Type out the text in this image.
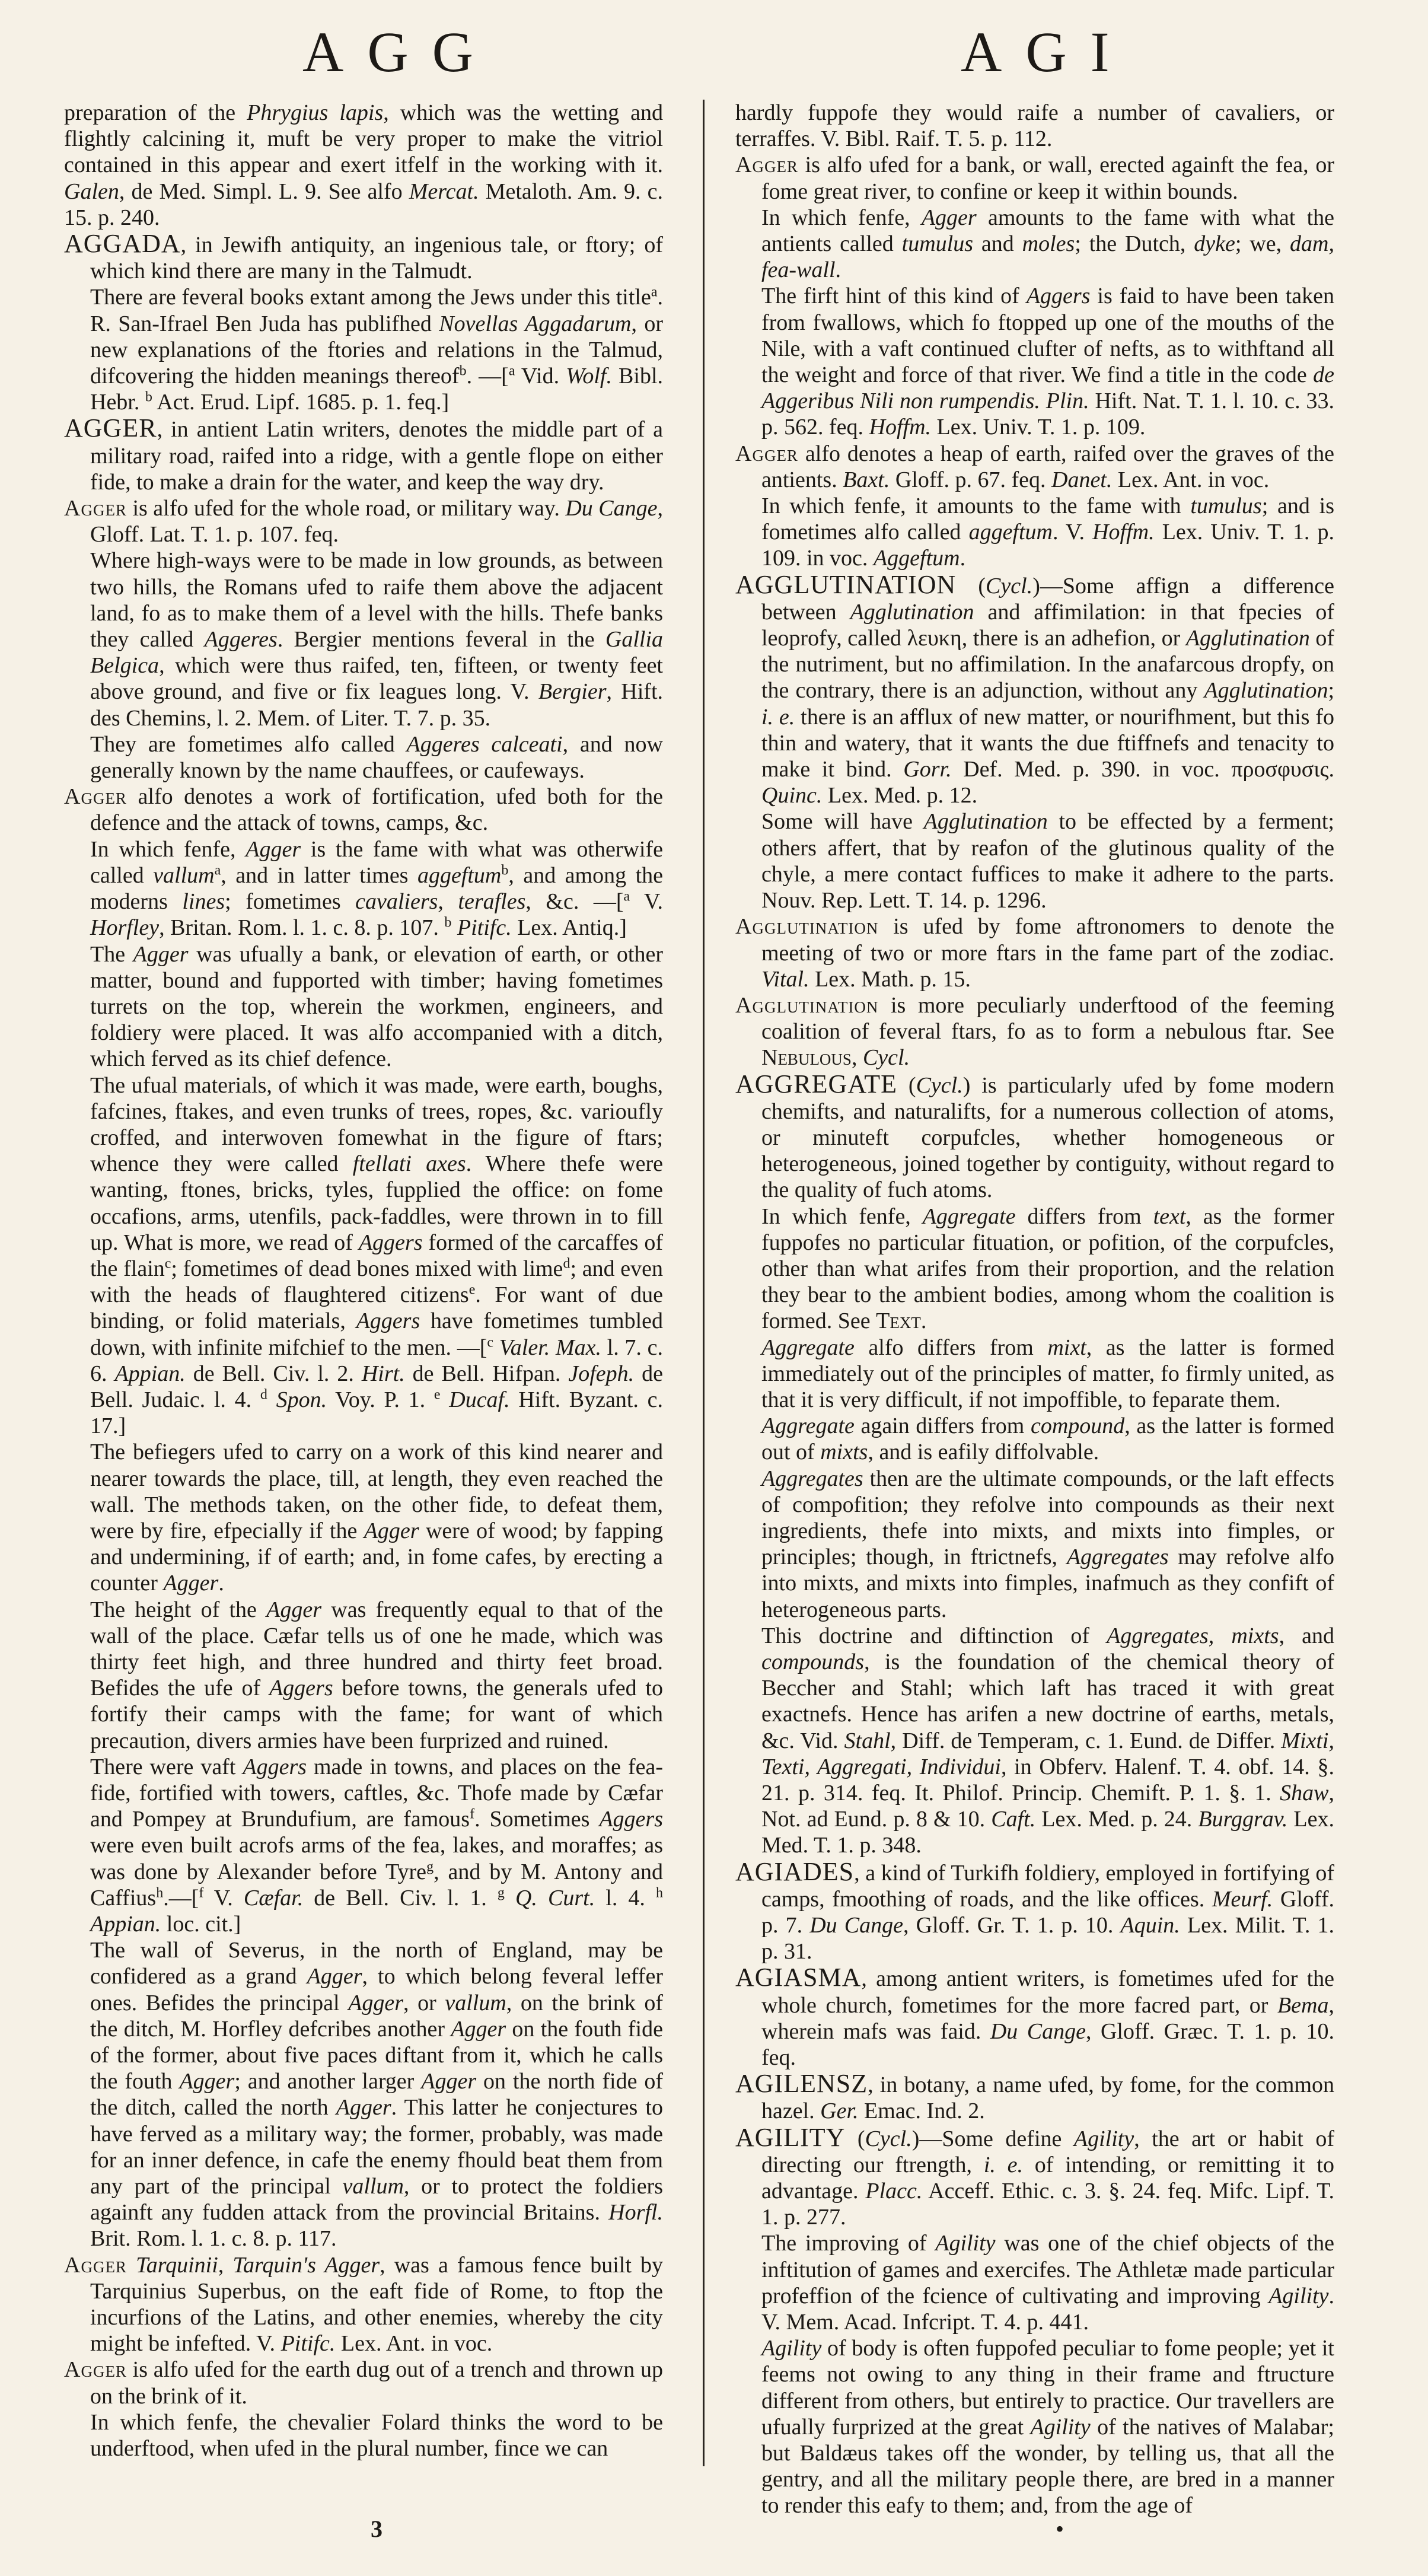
AGG	AGI
preparation of the Phrygius lapis, which was the wetting and flightly calcining it, muft be very proper to make the vitriol contained in this appear and exert itfelf in the working with it. Galen, de Med. Simpl. L. 9. See alfo Mercat. Metaloth. Am. 9. c. 15. p. 240.
AGGADA, in Jewifh antiquity, an ingenious tale, or ftory; of which kind there are many in the Talmudt.
There are feveral books extant among the Jews under this title$^a$. R. San-Ifrael Ben Juda has publifhed Novellas Aggadarum, or new explanations of the ftories and relations in the Talmud, difcovering the hidden meanings thereof$^b$. —[$^a$ Vid. Wolf. Bibl. Hebr. $^b$ Act. Erud. Lipf. 1685. p. 1. feq.]
AGGER, in antient Latin writers, denotes the middle part of a military road, raifed into a ridge, with a gentle flope on either fide, to make a drain for the water, and keep the way dry.
Agger is alfo ufed for the whole road, or military way. Du Cange, Gloff. Lat. T. 1. p. 107. feq.
Where high-ways were to be made in low grounds, as between two hills, the Romans ufed to raife them above the adjacent land, fo as to make them of a level with the hills. Thefe banks they called Aggeres. Bergier mentions feveral in the Gallia Belgica, which were thus raifed, ten, fifteen, or twenty feet above ground, and five or fix leagues long. V. Bergier, Hift. des Chemins, l. 2. Mem. of Liter. T. 7. p. 35.
They are fometimes alfo called Aggeres calceati, and now generally known by the name chauffees, or caufeways.
Agger alfo denotes a work of fortification, ufed both for the defence and the attack of towns, camps, &c.
In which fenfe, Agger is the fame with what was otherwife called vallum$^a$, and in latter times aggeftum$^b$, and among the moderns lines; fometimes cavaliers, terafles, &c. —[$^a$ V. Horfley, Britan. Rom. l. 1. c. 8. p. 107. $^b$ Pitifc. Lex. Antiq.]
The Agger was ufually a bank, or elevation of earth, or other matter, bound and fupported with timber; having fometimes turrets on the top, wherein the workmen, engineers, and foldiery were placed. It was alfo accompanied with a ditch, which ferved as its chief defence.
The ufual materials, of which it was made, were earth, boughs, fafcines, ftakes, and even trunks of trees, ropes, &c. varioufly croffed, and interwoven fomewhat in the figure of ftars; whence they were called ftellati axes. Where thefe were wanting, ftones, bricks, tyles, fupplied the office: on fome occafions, arms, utenfils, pack-faddles, were thrown in to fill up. What is more, we read of Aggers formed of the carcaffes of the flain$^c$; fometimes of dead bones mixed with lime$^d$; and even with the heads of flaughtered citizens$^e$. For want of due binding, or folid materials, Aggers have fometimes tumbled down, with infinite mifchief to the men. —[$^c$ Valer. Max. l. 7. c. 6. Appian. de Bell. Civ. l. 2. Hirt. de Bell. Hifpan. Jofeph. de Bell. Judaic. l. 4. $^d$ Spon. Voy. P. 1. $^e$ Ducaf. Hift. Byzant. c. 17.]
The befiegers ufed to carry on a work of this kind nearer and nearer towards the place, till, at length, they even reached the wall. The methods taken, on the other fide, to defeat them, were by fire, efpecially if the Agger were of wood; by fapping and undermining, if of earth; and, in fome cafes, by erecting a counter Agger.
The height of the Agger was frequently equal to that of the wall of the place. Cæfar tells us of one he made, which was thirty feet high, and three hundred and thirty feet broad. Befides the ufe of Aggers before towns, the generals ufed to fortify their camps with the fame; for want of which precaution, divers armies have been furprized and ruined.
There were vaft Aggers made in towns, and places on the fea-fide, fortified with towers, caftles, &c. Thofe made by Cæfar and Pompey at Brundufium, are famous$^f$. Sometimes Aggers were even built acrofs arms of the fea, lakes, and moraffes; as was done by Alexander before Tyre$^g$, and by M. Antony and Caffius$^h$.—[$^f$ V. Cæfar. de Bell. Civ. l. 1. $^g$ Q. Curt. l. 4. $^h$ Appian. loc. cit.]
The wall of Severus, in the north of England, may be confidered as a grand Agger, to which belong feveral leffer ones. Befides the principal Agger, or vallum, on the brink of the ditch, M. Horfley defcribes another Agger on the fouth fide of the former, about five paces diftant from it, which he calls the fouth Agger; and another larger Agger on the north fide of the ditch, called the north Agger. This latter he conjectures to have ferved as a military way; the former, probably, was made for an inner defence, in cafe the enemy fhould beat them from any part of the principal vallum, or to protect the foldiers againft any fudden attack from the provincial Britains. Horfl. Brit. Rom. l. 1. c. 8. p. 117.
Agger Tarquinii, Tarquin's Agger, was a famous fence built by Tarquinius Superbus, on the eaft fide of Rome, to ftop the incurfions of the Latins, and other enemies, whereby the city might be infefted. V. Pitifc. Lex. Ant. in voc.
Agger is alfo ufed for the earth dug out of a trench and thrown up on the brink of it.
In which fenfe, the chevalier Folard thinks the word to be underftood, when ufed in the plural number, fince we can
hardly fuppofe they would raife a number of cavaliers, or terraffes. V. Bibl. Raif. T. 5. p. 112.
Agger is alfo ufed for a bank, or wall, erected againft the fea, or fome great river, to confine or keep it within bounds.
In which fenfe, Agger amounts to the fame with what the antients called tumulus and moles; the Dutch, dyke; we, dam, fea-wall.
The firft hint of this kind of Aggers is faid to have been taken from fwallows, which fo ftopped up one of the mouths of the Nile, with a vaft continued clufter of nefts, as to withftand all the weight and force of that river. We find a title in the code de Aggeribus Nili non rumpendis. Plin. Hift. Nat. T. 1. l. 10. c. 33. p. 562. feq. Hoffm. Lex. Univ. T. 1. p. 109.
Agger alfo denotes a heap of earth, raifed over the graves of the antients. Baxt. Gloff. p. 67. feq. Danet. Lex. Ant. in voc.
In which fenfe, it amounts to the fame with tumulus; and is fometimes alfo called aggeftum. V. Hoffm. Lex. Univ. T. 1. p. 109. in voc. Aggeftum.
AGGLUTINATION (Cycl.)—Some affign a difference between Agglutination and affimilation: in that fpecies of leoprofy, called λευκη, there is an adhefion, or Agglutination of the nutriment, but no affimilation. In the anafarcous dropfy, on the contrary, there is an adjunction, without any Agglutination; i. e. there is an afflux of new matter, or nourifhment, but this fo thin and watery, that it wants the due ftiffnefs and tenacity to make it bind. Gorr. Def. Med. p. 390. in voc. προσφυσις. Quinc. Lex. Med. p. 12.
Some will have Agglutination to be effected by a ferment; others affert, that by reafon of the glutinous quality of the chyle, a mere contact fuffices to make it adhere to the parts. Nouv. Rep. Lett. T. 14. p. 1296.
Agglutination is ufed by fome aftronomers to denote the meeting of two or more ftars in the fame part of the zodiac. Vital. Lex. Math. p. 15.
Agglutination is more peculiarly underftood of the feeming coalition of feveral ftars, fo as to form a nebulous ftar. See Nebulous, Cycl.
AGGREGATE (Cycl.) is particularly ufed by fome modern chemifts, and naturalifts, for a numerous collection of atoms, or minuteft corpufcles, whether homogeneous or heterogeneous, joined together by contiguity, without regard to the quality of fuch atoms.
In which fenfe, Aggregate differs from text, as the former fuppofes no particular fituation, or pofition, of the corpufcles, other than what arifes from their proportion, and the relation they bear to the ambient bodies, among whom the coalition is formed. See Text.
Aggregate alfo differs from mixt, as the latter is formed immediately out of the principles of matter, fo firmly united, as that it is very difficult, if not impoffible, to feparate them.
Aggregate again differs from compound, as the latter is formed out of mixts, and is eafily diffolvable.
Aggregates then are the ultimate compounds, or the laft effects of compofition; they refolve into compounds as their next ingredients, thefe into mixts, and mixts into fimples, or principles; though, in ftrictnefs, Aggregates may refolve alfo into mixts, and mixts into fimples, inafmuch as they confift of heterogeneous parts.
This doctrine and diftinction of Aggregates, mixts, and compounds, is the foundation of the chemical theory of Beccher and Stahl; which laft has traced it with great exactnefs. Hence has arifen a new doctrine of earths, metals, &c. Vid. Stahl, Diff. de Temperam, c. 1. Eund. de Differ. Mixti, Texti, Aggregati, Individui, in Obferv. Halenf. T. 4. obf. 14. §. 21. p. 314. feq. It. Philof. Princip. Chemift. P. 1. §. 1. Shaw, Not. ad Eund. p. 8 & 10. Caft. Lex. Med. p. 24. Burggrav. Lex. Med. T. 1. p. 348.
AGIADES, a kind of Turkifh foldiery, employed in fortifying of camps, fmoothing of roads, and the like offices. Meurf. Gloff. p. 7. Du Cange, Gloff. Gr. T. 1. p. 10. Aquin. Lex. Milit. T. 1. p. 31.
AGIASMA, among antient writers, is fometimes ufed for the whole church, fometimes for the more facred part, or Bema, wherein mafs was faid. Du Cange, Gloff. Græc. T. 1. p. 10. feq.
AGILENSZ, in botany, a name ufed, by fome, for the common hazel. Ger. Emac. Ind. 2.
AGILITY (Cycl.)—Some define Agility, the art or habit of directing our ftrength, i. e. of intending, or remitting it to advantage. Placc. Acceff. Ethic. c. 3. §. 24. feq. Mifc. Lipf. T. 1. p. 277.
The improving of Agility was one of the chief objects of the inftitution of games and exercifes. The Athletæ made particular profeffion of the fcience of cultivating and improving Agility. V. Mem. Acad. Infcript. T. 4. p. 441.
Agility of body is often fuppofed peculiar to fome people; yet it feems not owing to any thing in their frame and ftructure different from others, but entirely to practice. Our travellers are ufually furprized at the great Agility of the natives of Malabar; but Baldæus takes off the wonder, by telling us, that all the gentry, and all the military people there, are bred in a manner to render this eafy to them; and, from the age of
3	•
